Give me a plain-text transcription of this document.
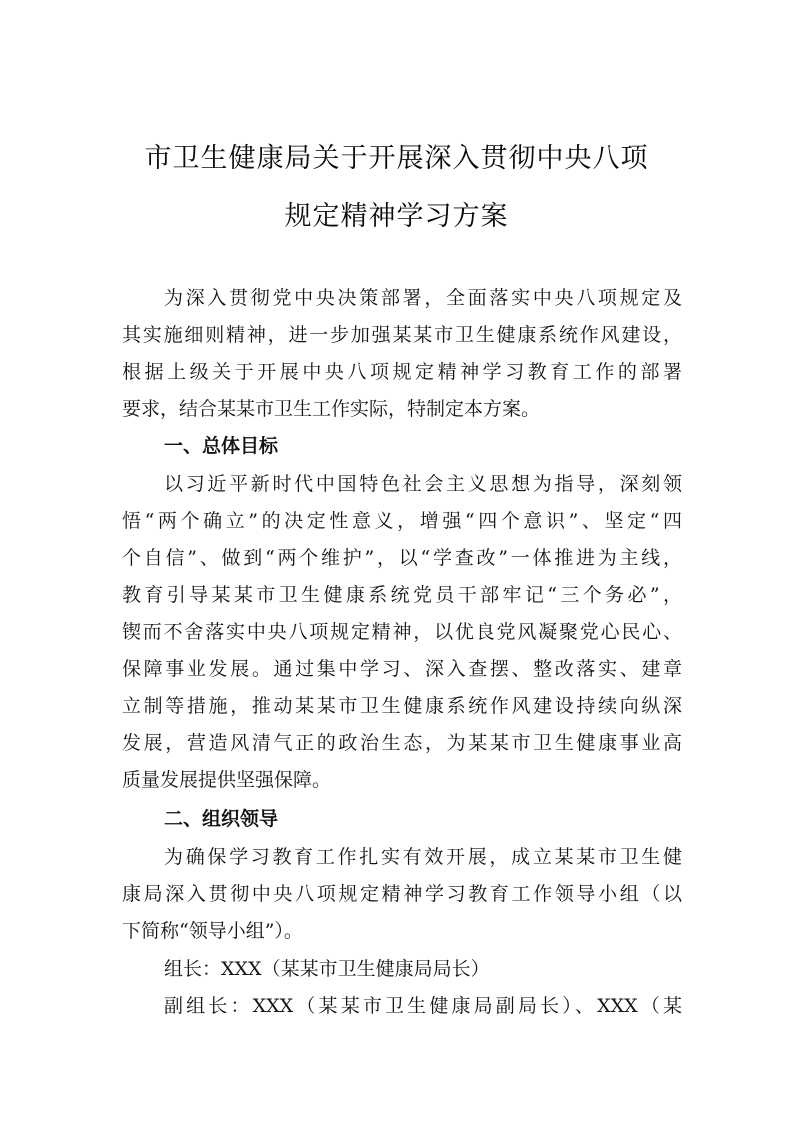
市卫生健康局关于开展深入贯彻中央八项
规定精神学习方案
为深入贯彻党中央决策部署，全面落实中央八项规定及
其实施细则精神，进一步加强某某市卫生健康系统作风建设，
根据上级关于开展中央八项规定精神学习教育工作的部署
要求，结合某某市卫生工作实际，特制定本方案。
一、总体目标
以习近平新时代中国特色社会主义思想为指导，深刻领
悟“两个确立”的决定性意义，增强“四个意识”、坚定“四
个自信”、做到“两个维护”，以“学查改”一体推进为主线，
教育引导某某市卫生健康系统党员干部牢记“三个务必”，
锲而不舍落实中央八项规定精神，以优良党风凝聚党心民心、
保障事业发展。通过集中学习、深入查摆、整改落实、建章
立制等措施，推动某某市卫生健康系统作风建设持续向纵深
发展，营造风清气正的政治生态，为某某市卫生健康事业高
质量发展提供坚强保障。
二、组织领导
为确保学习教育工作扎实有效开展，成立某某市卫生健
康局深入贯彻中央八项规定精神学习教育工作领导小组（以
下简称“领导小组”）。
组长：XXX（某某市卫生健康局局长）
副组长：XXX（某某市卫生健康局副局长）、XXX（某
